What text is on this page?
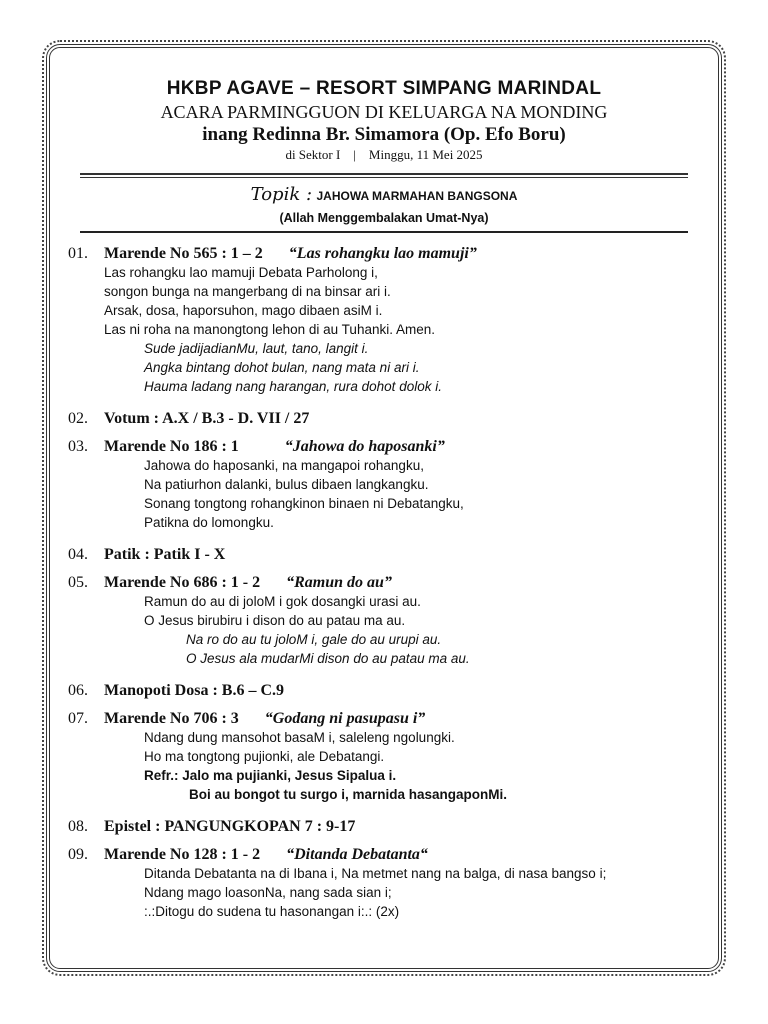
HKBP AGAVE – RESORT SIMPANG MARINDAL
ACARA PARMINGGUON DI KELUARGA NA MONDING
inang Redinna Br. Simamora (Op. Efo Boru)
di Sektor I    |    Minggu, 11 Mei 2025
Topik : JAHOWA MARMAHAN BANGSONA
(Allah Menggembalakan Umat-Nya)
01. Marende No 565 : 1 – 2 “Las rohangku lao mamuji”
Las rohangku lao mamuji Debata Parholong i,
songon bunga na mangerbang di na binsar ari i.
Arsak, dosa, haporsuhon, mago dibaen asiM i.
Las ni roha na manongtong lehon di au Tuhanki. Amen.
Sude jadijadianMu, laut, tano, langit i.
Angka bintang dohot bulan, nang mata ni ari i.
Hauma ladang nang harangan, rura dohot dolok i.
02. Votum : A.X / B.3 - D. VII / 27
03. Marende No 186 : 1	“Jahowa do haposanki”
Jahowa do haposanki, na mangapoi rohangku,
Na patiurhon dalanki, bulus dibaen langkangku.
Sonang tongtong rohangkinon binaen ni Debatangku,
Patikna do lomongku.
04. Patik : Patik I - X
05. Marende No 686 : 1 - 2 “Ramun do au”
Ramun do au di joloM i gok dosangki urasi au.
O Jesus birubiru i dison do au patau ma au.
Na ro do au tu joloM i, gale do au urupi au.
O Jesus ala mudarMi dison do au patau ma au.
06. Manopoti Dosa : B.6 – C.9
07. Marende No 706 : 3 “Godang ni pasupasu i”
Ndang dung mansohot basaM i, saleleng ngolungki.
Ho ma tongtong pujionki, ale Debatangi.
Refr.: Jalo ma pujianki, Jesus Sipalua i.
Boi au bongot tu surgo i, marnida hasangaponMi.
08. Epistel : PANGUNGKOPAN 7 : 9-17
09. Marende No 128 : 1 - 2 “Ditanda Debatanta“
Ditanda Debatanta na di Ibana i, Na metmet nang na balga, di nasa bangso i;
Ndang mago loasonNa, nang sada sian i;
:.:Ditogu do sudena tu hasonangan i:.: (2x)
